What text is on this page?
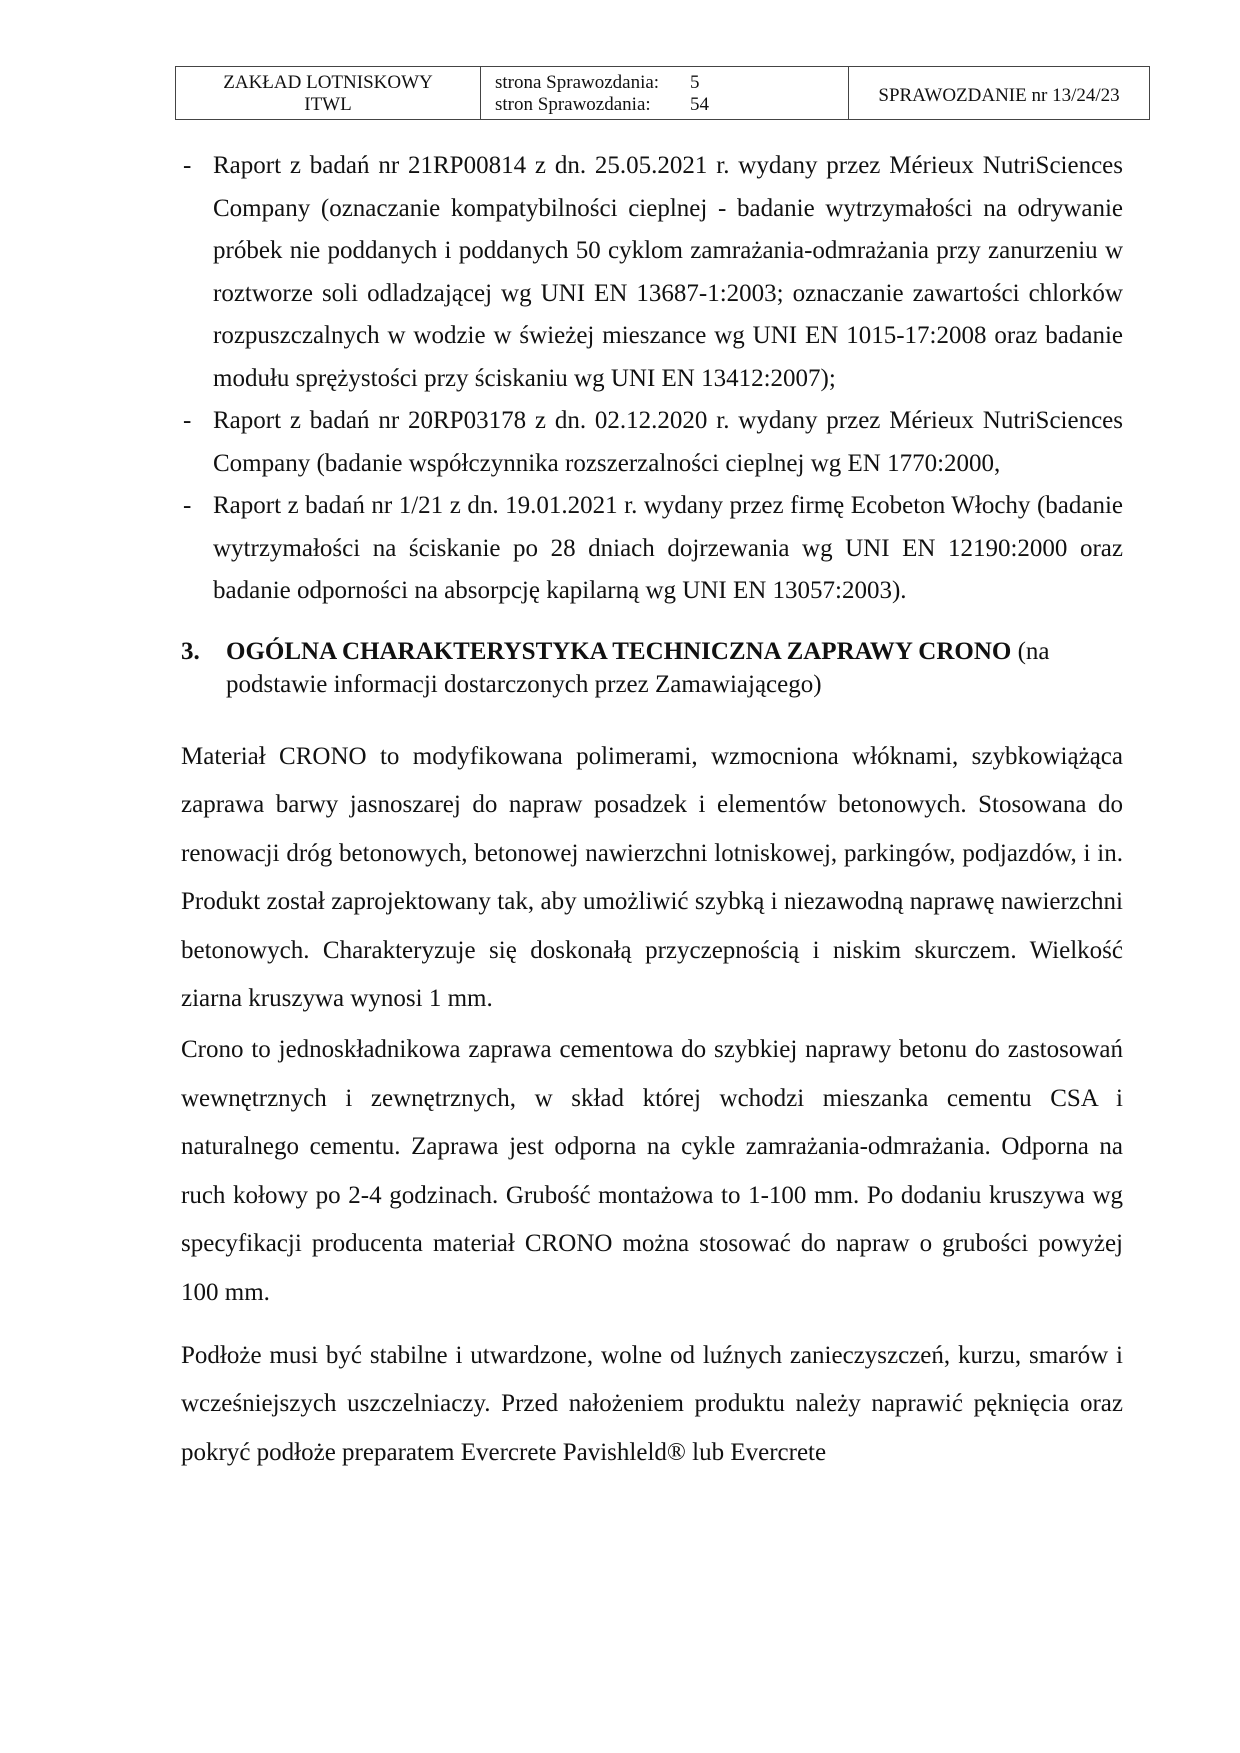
ZAKŁAD LOTNISKOWY
ITWL
strona Sprawozdania:	5
stron Sprawozdania:	54	SPRAWOZDANIE nr 13/24/23
- Raport z badań nr 21RP00814 z dn. 25.05.2021 r. wydany przez Mérieux NutriSciences Company (oznaczanie kompatybilności cieplnej - badanie wytrzymałości na odrywanie próbek nie poddanych i poddanych 50 cyklom zamrażania-odmrażania przy zanurzeniu w roztworze soli odladzającej wg UNI EN 13687-1:2003; oznaczanie zawartości chlorków rozpuszczalnych w wodzie w świeżej mieszance wg UNI EN 1015-17:2008 oraz badanie modułu sprężystości przy ściskaniu wg UNI EN 13412:2007);
- Raport z badań nr 20RP03178 z dn. 02.12.2020 r. wydany przez Mérieux NutriSciences Company (badanie współczynnika rozszerzalności cieplnej wg EN 1770:2000,
- Raport z badań nr 1/21 z dn. 19.01.2021 r. wydany przez firmę Ecobeton Włochy (badanie wytrzymałości na ściskanie po 28 dniach dojrzewania wg UNI EN 12190:2000 oraz badanie odporności na absorpcję kapilarną wg UNI EN 13057:2003).
3.	OGÓLNA CHARAKTERYSTYKA TECHNICZNA ZAPRAWY CRONO (na podstawie informacji dostarczonych przez Zamawiającego)

Materiał CRONO to modyfikowana polimerami, wzmocniona włóknami, szybkowiążąca zaprawa barwy jasnoszarej do napraw posadzek i elementów betonowych. Stosowana do renowacji dróg betonowych, betonowej nawierzchni lotniskowej, parkingów, podjazdów, i in. Produkt został zaprojektowany tak, aby umożliwić szybką i niezawodną naprawę nawierzchni betonowych. Charakteryzuje się doskonałą przyczepnością i niskim skurczem. Wielkość ziarna kruszywa wynosi 1 mm.

Crono to jednoskładnikowa zaprawa cementowa do szybkiej naprawy betonu do zastosowań wewnętrznych i zewnętrznych, w skład której wchodzi mieszanka cementu CSA i naturalnego cementu. Zaprawa jest odporna na cykle zamrażania-odmrażania. Odporna na ruch kołowy po 2-4 godzinach. Grubość montażowa to 1-100 mm. Po dodaniu kruszywa wg specyfikacji producenta materiał CRONO można stosować do napraw o grubości powyżej 100 mm.

Podłoże musi być stabilne i utwardzone, wolne od luźnych zanieczyszczeń, kurzu, smarów i wcześniejszych uszczelniaczy. Przed nałożeniem produktu należy naprawić pęknięcia oraz pokryć podłoże preparatem Evercrete Pavishleld® lub Evercrete
